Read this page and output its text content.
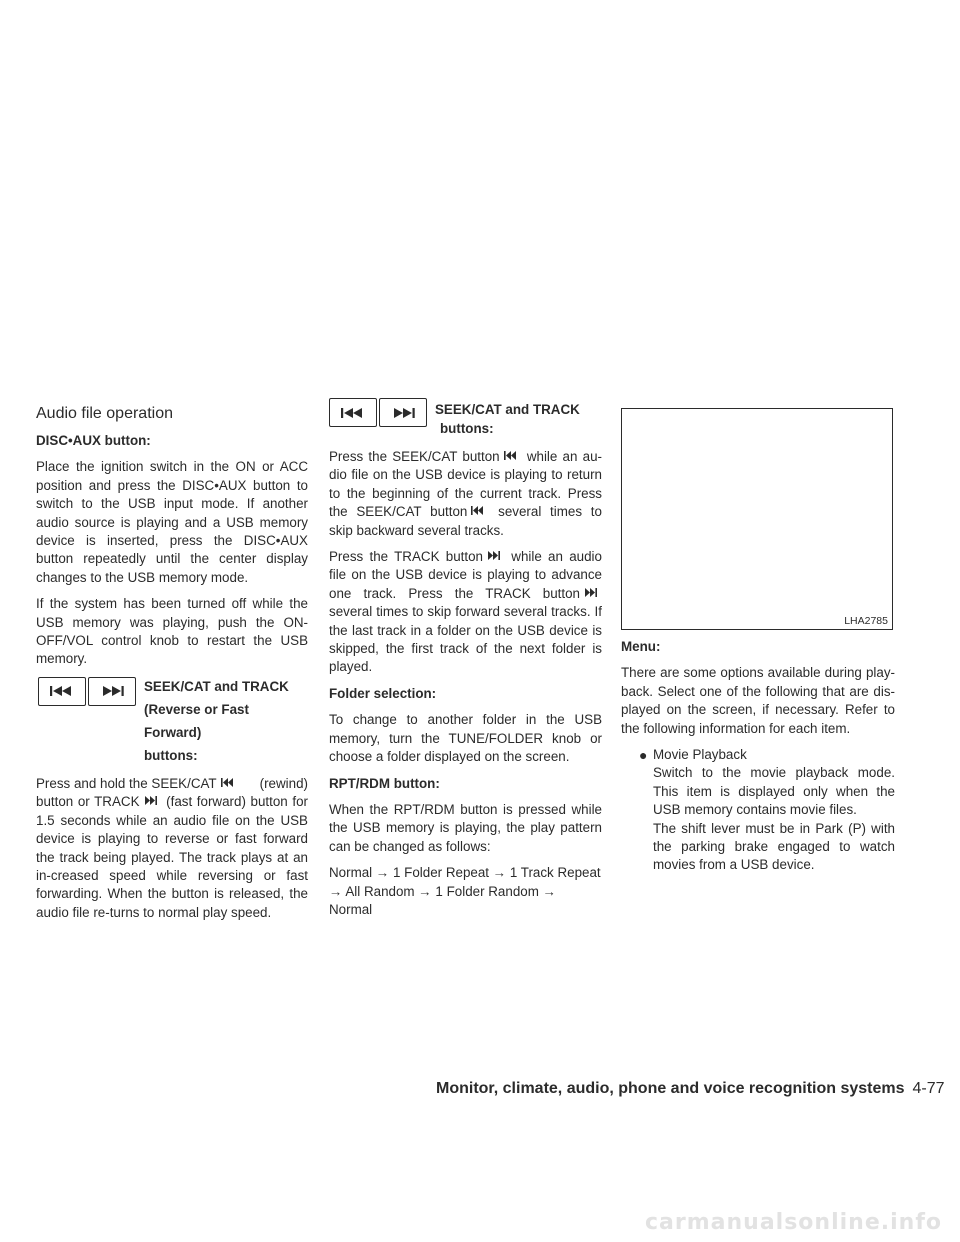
Audio file operation
DISC•AUX button:

Place the ignition switch in the ON or ACC position and press the DISC•AUX button to switch to the USB input mode. If another audio source is playing and a USB memory device is inserted, press the DISC•AUX button repeatedly until the center display changes to the USB memory mode.

If the system has been turned off while the USB memory was playing, push the ON-OFF/VOL control knob to restart the USB memory.

SEEK/CAT and TRACK
(Reverse or Fast Forward)
buttons:

Press and hold the SEEK/CAT	(rewind)

button or TRACK (fast forward) button for 1.5 seconds while an audio file on the USB device is playing to reverse or fast forward the track being played. The track plays at an in-creased speed while reversing or fast forwarding. When the button is released, the audio file re-turns to normal play speed.

SEEK/CAT and TRACK
buttons:

Press the SEEK/CAT button while an au-dio file on the USB device is playing to return to the beginning of the current track. Press the SEEK/CAT button several times to skip backward several tracks.

Press the TRACK button while an audio file on the USB device is playing to advance one track. Press the TRACK button several times to skip forward several tracks. If the last track in a folder on the USB device is skipped, the first track of the next folder is played.

Folder selection:

To change to another folder in the USB memory, turn the TUNE/FOLDER knob or choose a folder displayed on the screen.

RPT/RDM button:

When the RPT/RDM button is pressed while the USB memory is playing, the play pattern can be changed as follows:

Normal → 1 Folder Repeat → 1 Track Repeat → All Random → 1 Folder Random → Normal

LHA2785
Menu:

There are some options available during play-back. Select one of the following that are dis-played on the screen, if necessary. Refer to the following information for each item.

● Movie Playback

Switch to the movie playback mode. This item is displayed only when the USB memory contains movie files.

The shift lever must be in Park (P) with the parking brake engaged to watch movies from a USB device.

Monitor, climate, audio, phone and voice recognition systems 4-77
carmanualsonline.info
